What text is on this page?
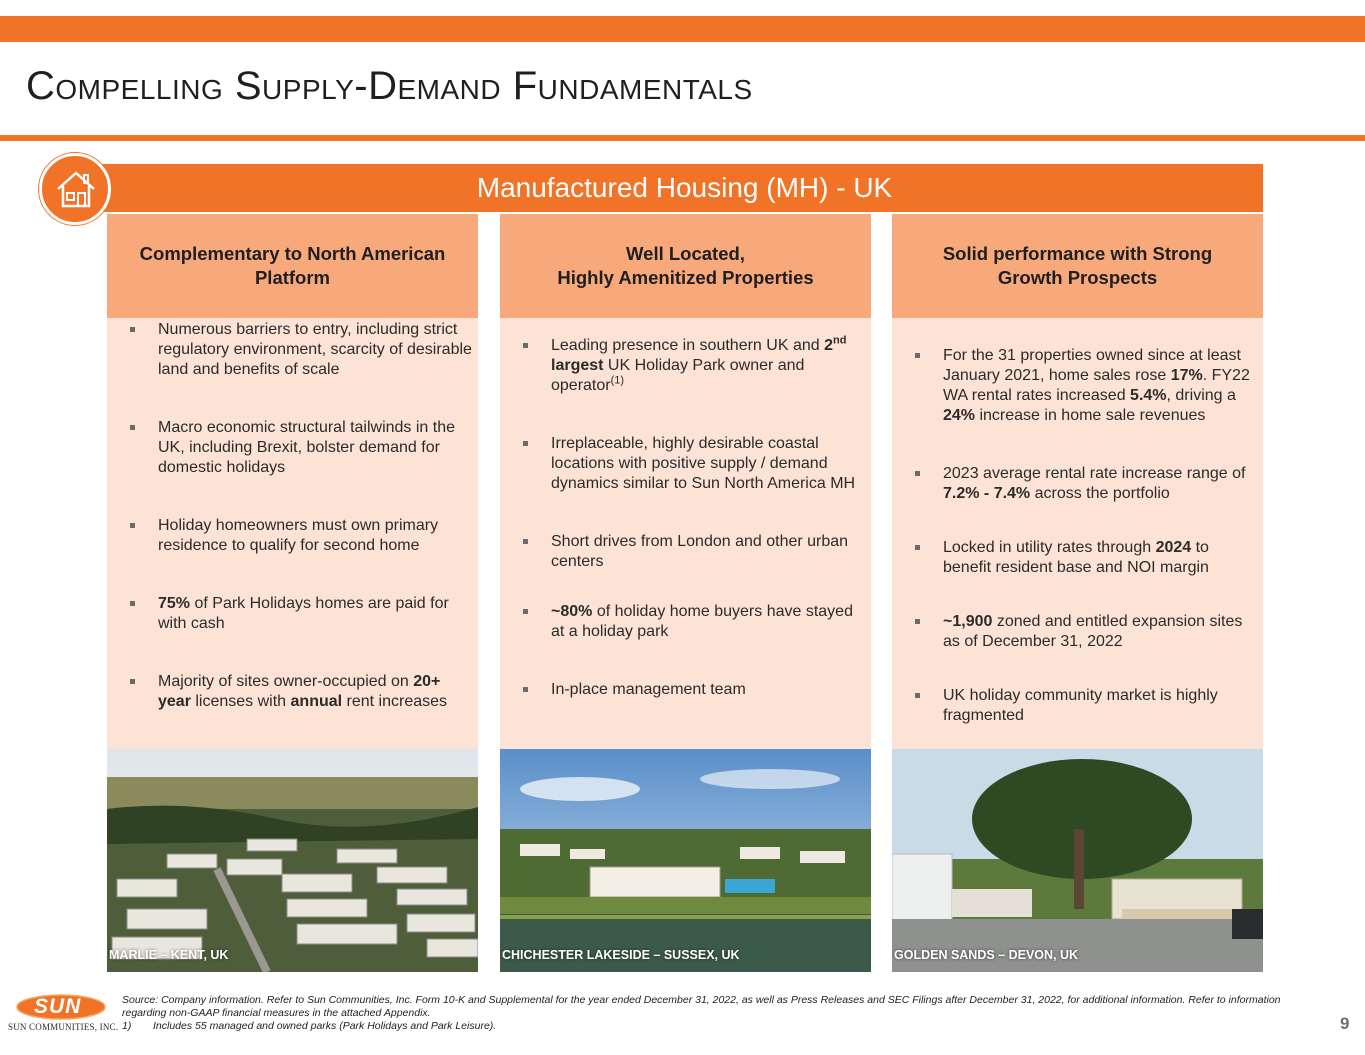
Compelling Supply-Demand Fundamentals
Manufactured Housing (MH) - UK
Complementary to North American Platform
Numerous barriers to entry, including strict regulatory environment, scarcity of desirable land and benefits of scale
Macro economic structural tailwinds in the UK, including Brexit, bolster demand for domestic holidays
Holiday homeowners must own primary residence to qualify for second home
75% of Park Holidays homes are paid for with cash
Majority of sites owner-occupied on 20+ year licenses with annual rent increases
Well Located,
Highly Amenitized Properties
Leading presence in southern UK and 2nd largest UK Holiday Park owner and operator$^{(1)}$
Irreplaceable, highly desirable coastal locations with positive supply / demand dynamics similar to Sun North America MH
Short drives from London and other urban centers
~80% of holiday home buyers have stayed at a holiday park
In-place management team
Solid performance with Strong Growth Prospects
For the 31 properties owned since at least January 2021, home sales rose 17%. FY22 WA rental rates increased 5.4%, driving a 24% increase in home sale revenues
2023 average rental rate increase range of 7.2% - 7.4% across the portfolio
Locked in utility rates through 2024 to benefit resident base and NOI margin
~1,900 zoned and entitled expansion sites as of December 31, 2022
UK holiday community market is highly fragmented
MARLIE – KENT, UK	CHICHESTER LAKESIDE – SUSSEX, UK	GOLDEN SANDS – DEVON, UK
SUN
SUN COMMUNITIES, INC.
Source: Company information. Refer to Sun Communities, Inc. Form 10-K and Supplemental for the year ended December 31, 2022, as well as Press Releases and SEC Filings after December 31, 2022, for additional information. Refer to information regarding non-GAAP financial measures in the attached Appendix.
1) Includes 55 managed and owned parks (Park Holidays and Park Leisure).	9
